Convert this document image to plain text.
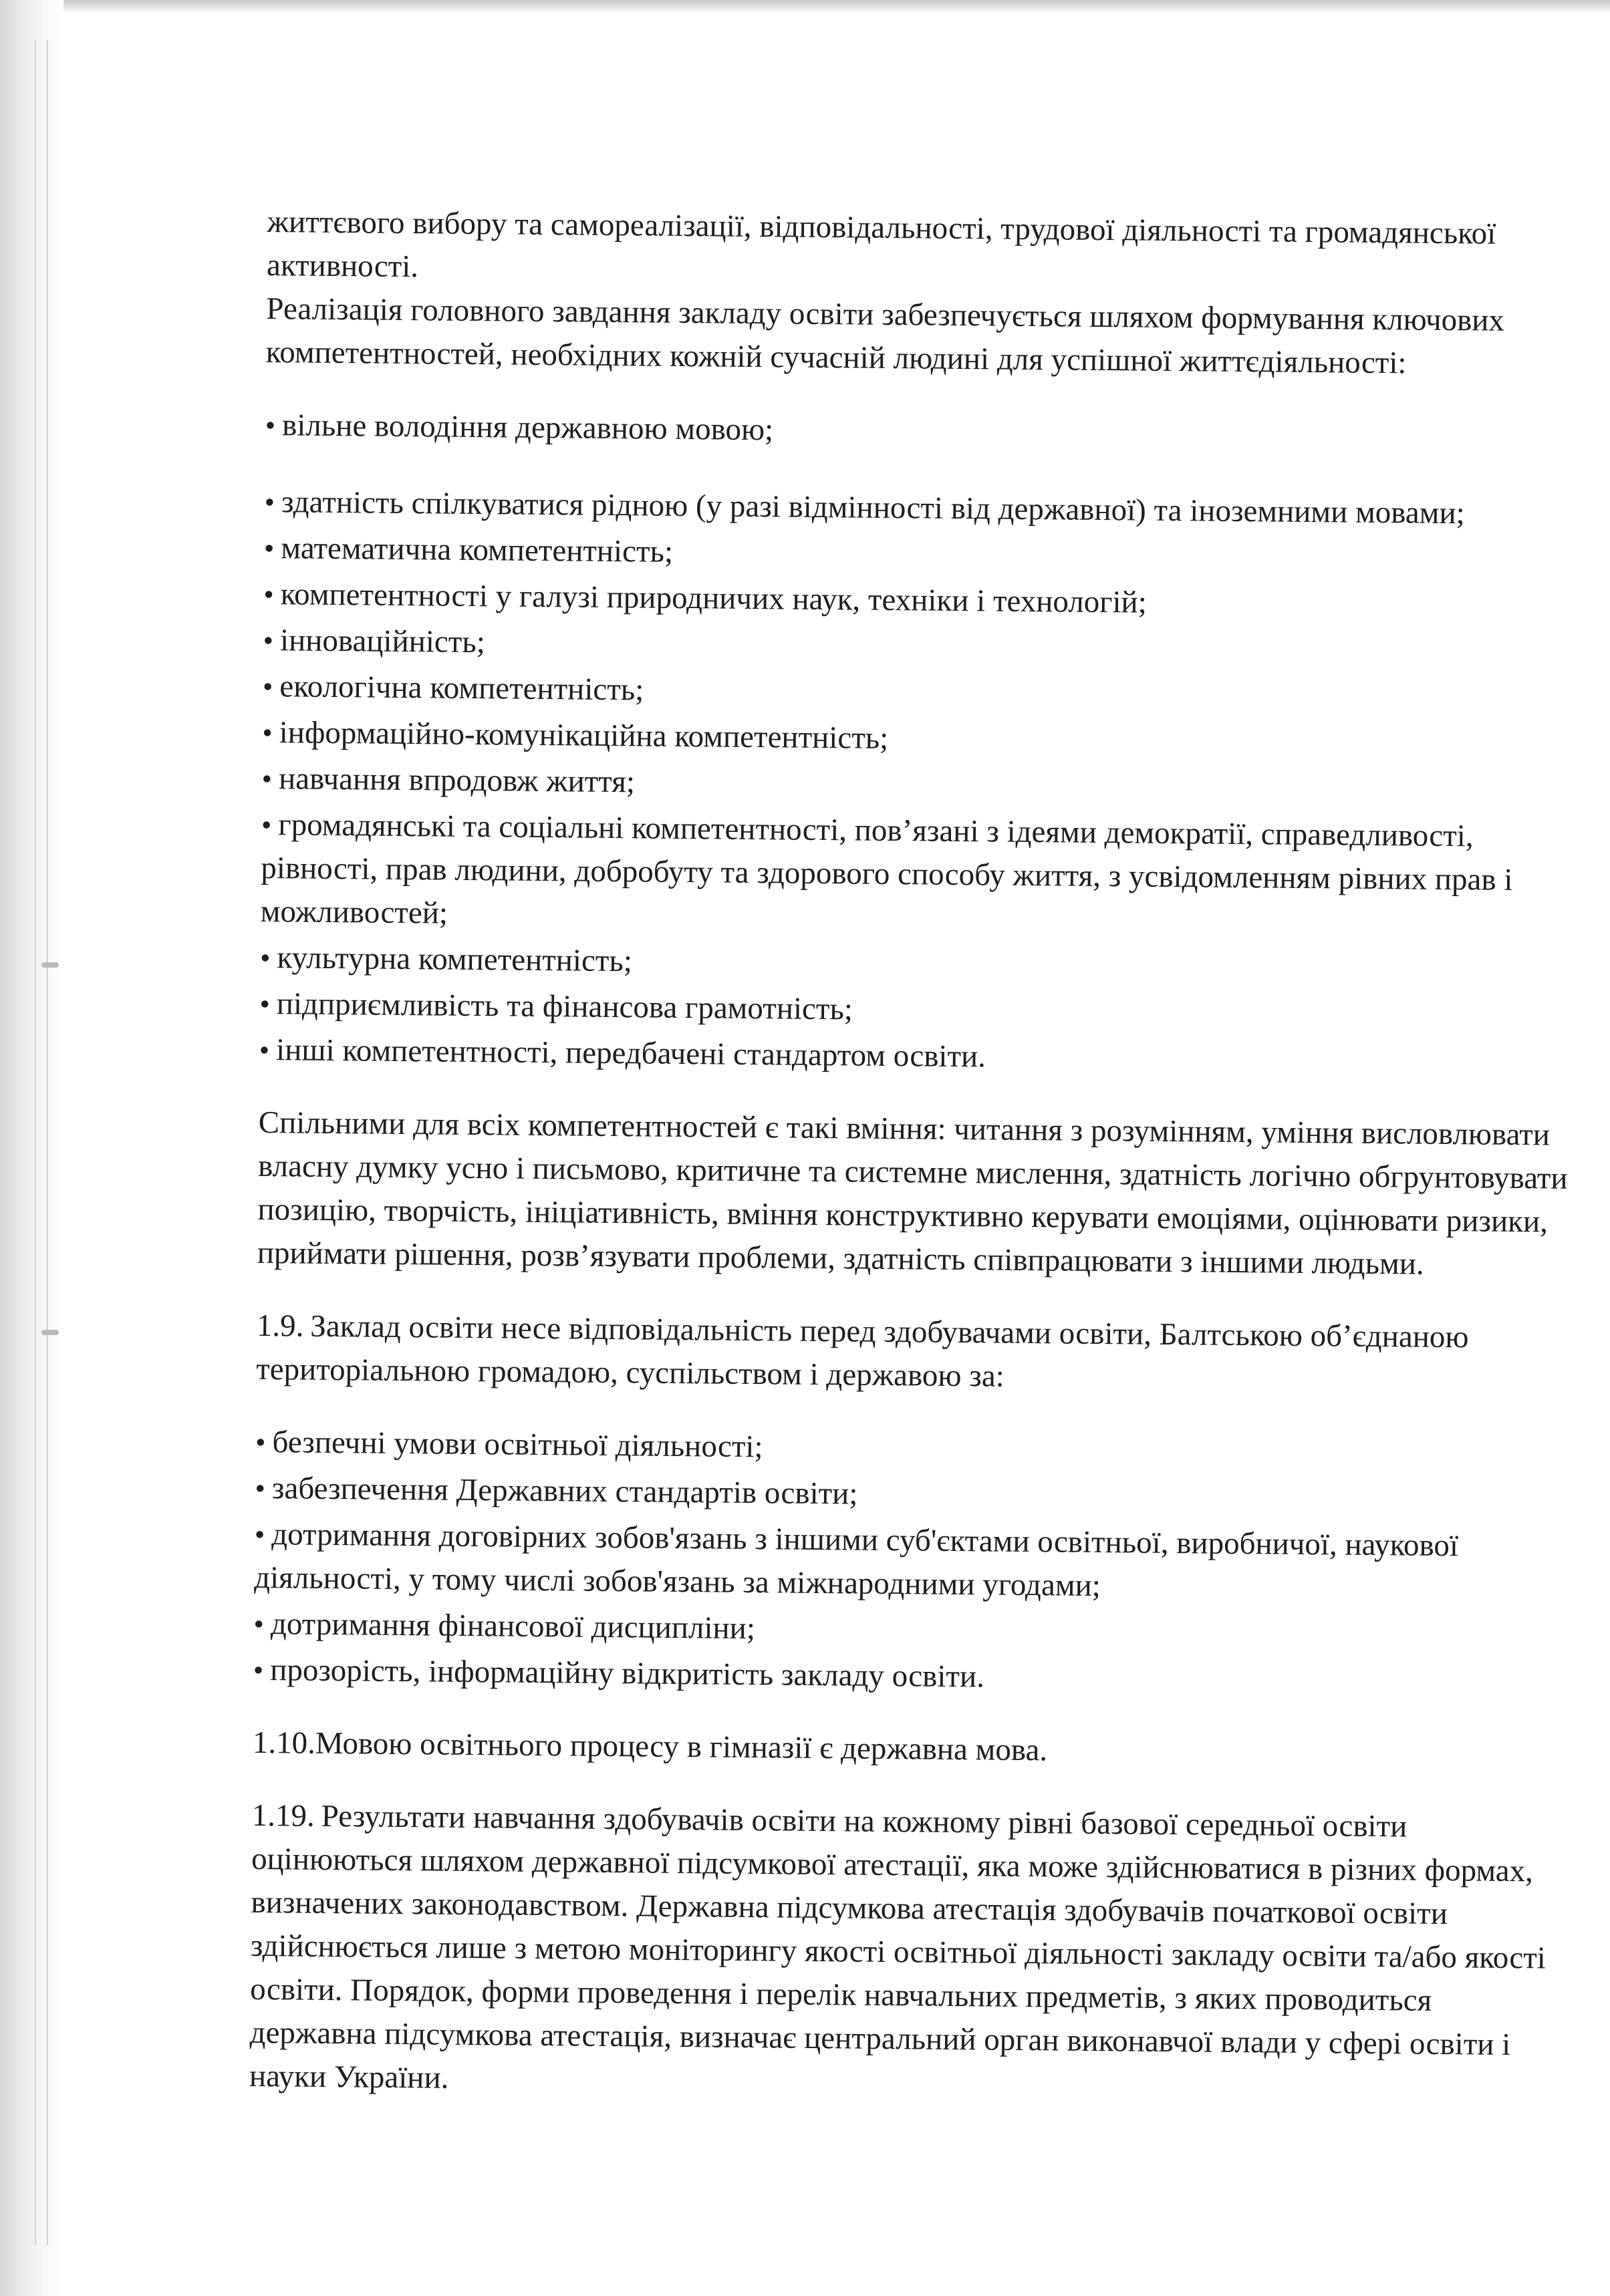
життєвого вибору та самореалізації, відповідальності, трудової діяльності та громадянської активності.

Реалізація головного завдання закладу освіти забезпечується шляхом формування ключових компетентностей, необхідних кожній сучасній людині для успішної життєдіяльності:

• вільне володіння державною мовою;
• здатність спілкуватися рідною (у разі відмінності від державної) та іноземними мовами;
• математична компетентність;
• компетентності у галузі природничих наук, техніки і технологій;
• інноваційність;
• екологічна компетентність;
• інформаційно-комунікаційна компетентність;
• навчання впродовж життя;
• громадянські та соціальні компетентності, пов’язані з ідеями демократії, справедливості, рівності, прав людини, добробуту та здорового способу життя, з усвідомленням рівних прав і можливостей;
• культурна компетентність;
• підприємливість та фінансова грамотність;
• інші компетентності, передбачені стандартом освіти.

Спільними для всіх компетентностей є такі вміння: читання з розумінням, уміння висловлювати власну думку усно і письмово, критичне та системне мислення, здатність логічно обгрунтовувати позицію, творчість, ініціативність, вміння конструктивно керувати емоціями, оцінювати ризики, приймати рішення, розв’язувати проблеми, здатність співпрацювати з іншими людьми.

1.9. Заклад освіти несе відповідальність перед здобувачами освіти, Балтською об’єднаною територіальною громадою, суспільством і державою за:

• безпечні умови освітньої діяльності;
• забезпечення Державних стандартів освіти;
• дотримання договірних зобов'язань з іншими суб'єктами освітньої, виробничої, наукової діяльності, у тому числі зобов'язань за міжнародними угодами;
• дотримання фінансової дисципліни;
• прозорість, інформаційну відкритість закладу освіти.

1.10.Мовою освітнього процесу в гімназії є державна мова.

1.19. Результати навчання здобувачів освіти на кожному рівні базової середньої освіти оцінюються шляхом державної підсумкової атестації, яка може здійснюватися в різних формах, визначених законодавством. Державна підсумкова атестація здобувачів початкової освіти здійснюється лише з метою моніторингу якості освітньої діяльності закладу освіти та/або якості освіти. Порядок, форми проведення і перелік навчальних предметів, з яких проводиться державна підсумкова атестація, визначає центральний орган виконавчої влади у сфері освіти і науки України.
